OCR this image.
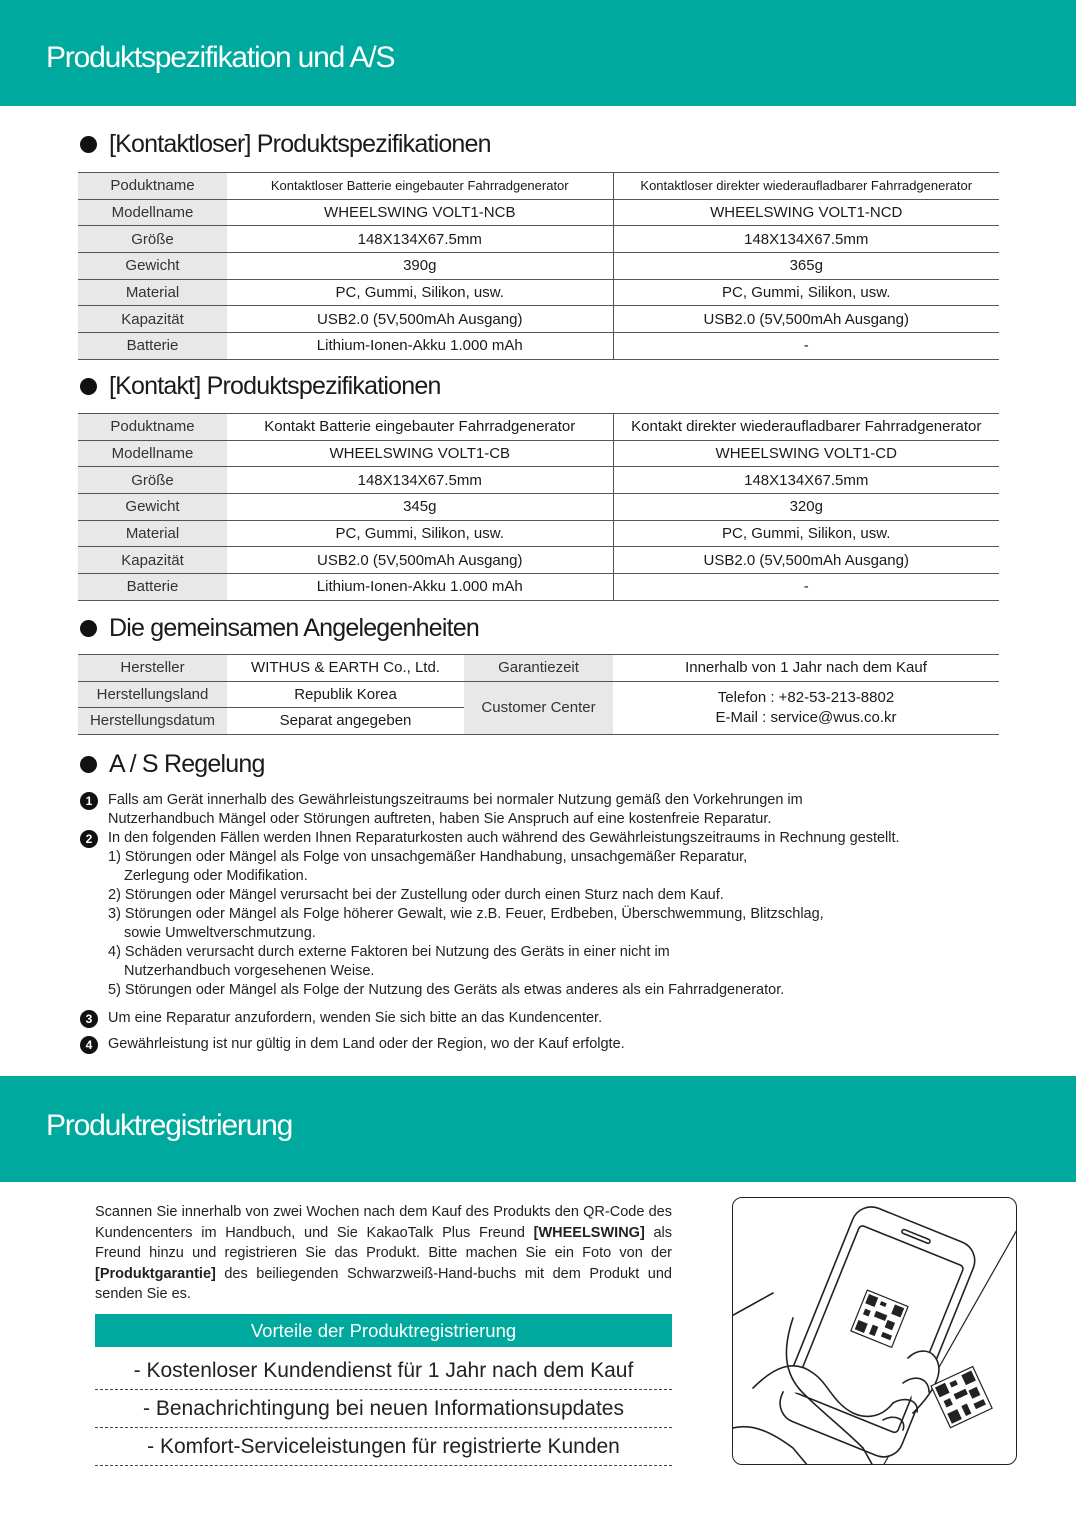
Produktspezifikation und A/S
[Kontaktloser] Produktspezifikationen
Poduktname	Kontaktloser Batterie eingebauter Fahrradgenerator	Kontaktloser direkter wiederaufladbarer Fahrradgenerator
Modellname	WHEELSWING VOLT1-NCB	WHEELSWING VOLT1-NCD
Größe	148X134X67.5mm	148X134X67.5mm
Gewicht	390g	365g
Material	PC, Gummi, Silikon, usw.	PC, Gummi, Silikon, usw.
Kapazität	USB2.0 (5V,500mAh Ausgang)	USB2.0 (5V,500mAh Ausgang)
Batterie	Lithium-Ionen-Akku 1.000 mAh	-
[Kontakt] Produktspezifikationen
Poduktname	Kontakt Batterie eingebauter Fahrradgenerator	Kontakt direkter wiederaufladbarer Fahrradgenerator
Modellname	WHEELSWING VOLT1-CB	WHEELSWING VOLT1-CD
Größe	148X134X67.5mm	148X134X67.5mm
Gewicht	345g	320g
Material	PC, Gummi, Silikon, usw.	PC, Gummi, Silikon, usw.
Kapazität	USB2.0 (5V,500mAh Ausgang)	USB2.0 (5V,500mAh Ausgang)
Batterie	Lithium-Ionen-Akku 1.000 mAh	-
Die gemeinsamen Angelegenheiten
Hersteller	WITHUS & EARTH Co., Ltd.	Garantiezeit	Innerhalb von 1 Jahr nach dem Kauf
Herstellungsland	Republik Korea	Customer Center	Telefon : +82-53-213-8802
E-Mail : service@wus.co.kr

Herstellungsdatum	Separat angegeben		
A / S Regelung
1	Falls am Gerät innerhalb des Gewährleistungszeitraums bei normaler Nutzung gemäß den Vorkehrungen im
Nutzerhandbuch Mängel oder Störungen auftreten, haben Sie Anspruch auf eine kostenfreie Reparatur.
2	In den folgenden Fällen werden Ihnen Reparaturkosten auch während des Gewährleistungszeitraums in Rechnung gestellt.
1) Störungen oder Mängel als Folge von unsachgemäßer Handhabung, unsachgemäßer Reparatur,
Zerlegung oder Modifikation.
2) Störungen oder Mängel verursacht bei der Zustellung oder durch einen Sturz nach dem Kauf.
3) Störungen oder Mängel als Folge höherer Gewalt, wie z.B. Feuer, Erdbeben, Überschwemmung, Blitzschlag,
sowie Umweltverschmutzung.
4) Schäden verursacht durch externe Faktoren bei Nutzung des Geräts in einer nicht im
Nutzerhandbuch vorgesehenen Weise.
5) Störungen oder Mängel als Folge der Nutzung des Geräts als etwas anderes als ein Fahrradgenerator.
3	Um eine Reparatur anzufordern, wenden Sie sich bitte an das Kundencenter.
4	Gewährleistung ist nur gültig in dem Land oder der Region, wo der Kauf erfolgte.
Produktregistrierung
Scannen Sie innerhalb von zwei Wochen nach dem Kauf des Produkts den QR-Code des Kundencenters im Handbuch, und Sie KakaoTalk Plus Freund [WHEELSWING] als Freund hinzu und registrieren Sie das Produkt. Bitte machen Sie ein Foto von der [Produktgarantie] des beiliegenden Schwarzweiß-Hand-buchs mit dem Produkt und senden Sie es.
Vorteile der Produktregistrierung
- Kostenloser Kundendienst für 1 Jahr nach dem Kauf
- Benachrichtingung bei neuen Informationsupdates
- Komfort-Serviceleistungen für registrierte Kunden
